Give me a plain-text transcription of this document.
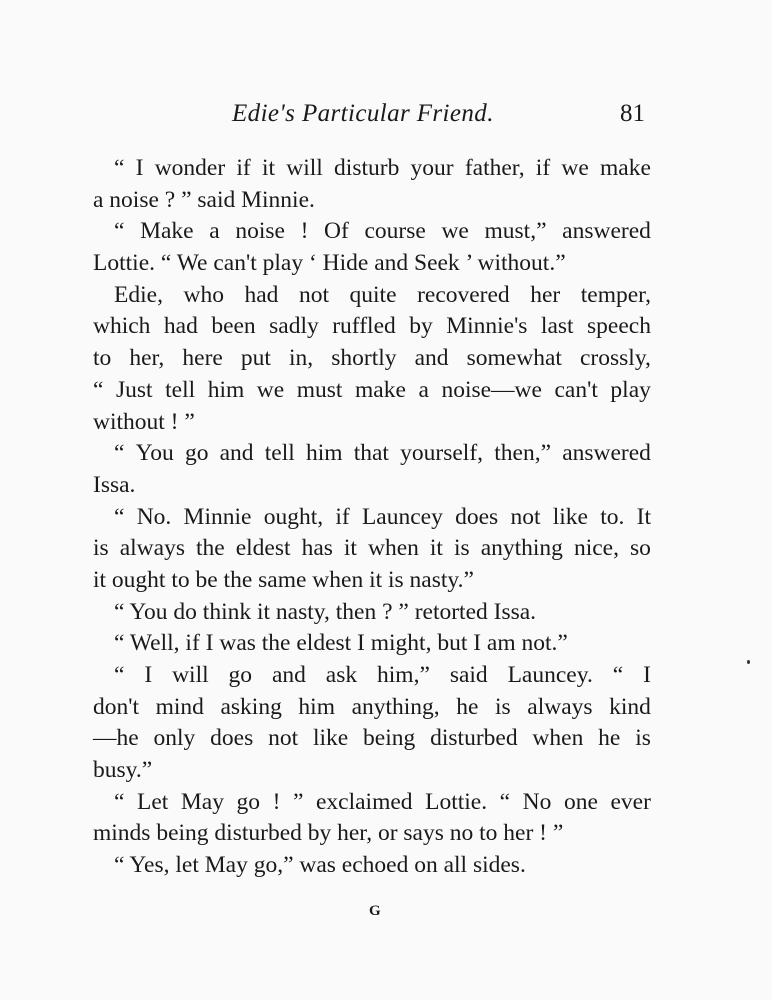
Edie's Particular Friend.	81
“ I wonder if it will disturb your father, if we make
a noise ? ” said Minnie.
“ Make a noise ! Of course we must,” answered
Lottie. “ We can't play ‘ Hide and Seek ’ without.”
Edie, who had not quite recovered her temper,
which had been sadly ruffled by Minnie's last speech
to her, here put in, shortly and somewhat crossly,
“ Just tell him we must make a noise—we can't play
without ! ”
“ You go and tell him that yourself, then,” answered
Issa.
“ No. Minnie ought, if Launcey does not like to. It
is always the eldest has it when it is anything nice, so
it ought to be the same when it is nasty.”
“ You do think it nasty, then ? ” retorted Issa.
“ Well, if I was the eldest I might, but I am not.”
“ I will go and ask him,” said Launcey. “ I
don't mind asking him anything, he is always kind
—he only does not like being disturbed when he is
busy.”
“ Let May go ! ” exclaimed Lottie. “ No one ever
minds being disturbed by her, or says no to her ! ”
“ Yes, let May go,” was echoed on all sides.
G
